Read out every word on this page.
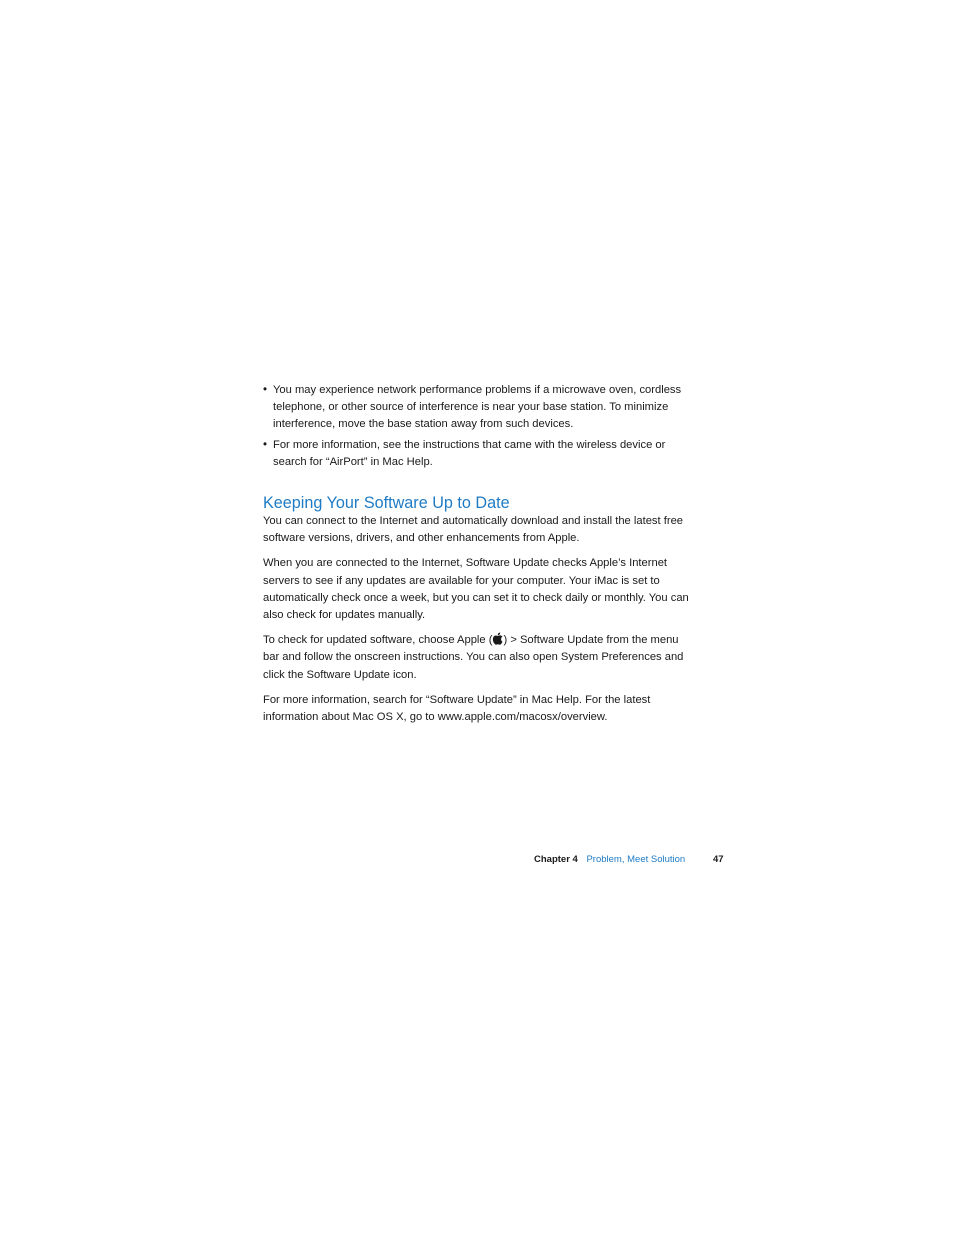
• You may experience network performance problems if a microwave oven, cordless
telephone, or other source of interference is near your base station. To minimize
interference, move the base station away from such devices.
• For more information, see the instructions that came with the wireless device or
search for “AirPort” in Mac Help.
Keeping Your Software Up to Date

You can connect to the Internet and automatically download and install the latest free
software versions, drivers, and other enhancements from Apple.

When you are connected to the Internet, Software Update checks Apple’s Internet
servers to see if any updates are available for your computer. Your iMac is set to
automatically check once a week, but you can set it to check daily or monthly. You can
also check for updates manually.

To check for updated software, choose Apple ( ) > Software Update from the menu
bar and follow the onscreen instructions. You can also open System Preferences and
click the Software Update icon.

For more information, search for “Software Update” in Mac Help. For the latest
information about Mac OS X, go to www.apple.com/macosx/overview.

Chapter 4 Problem, Meet Solution	47
